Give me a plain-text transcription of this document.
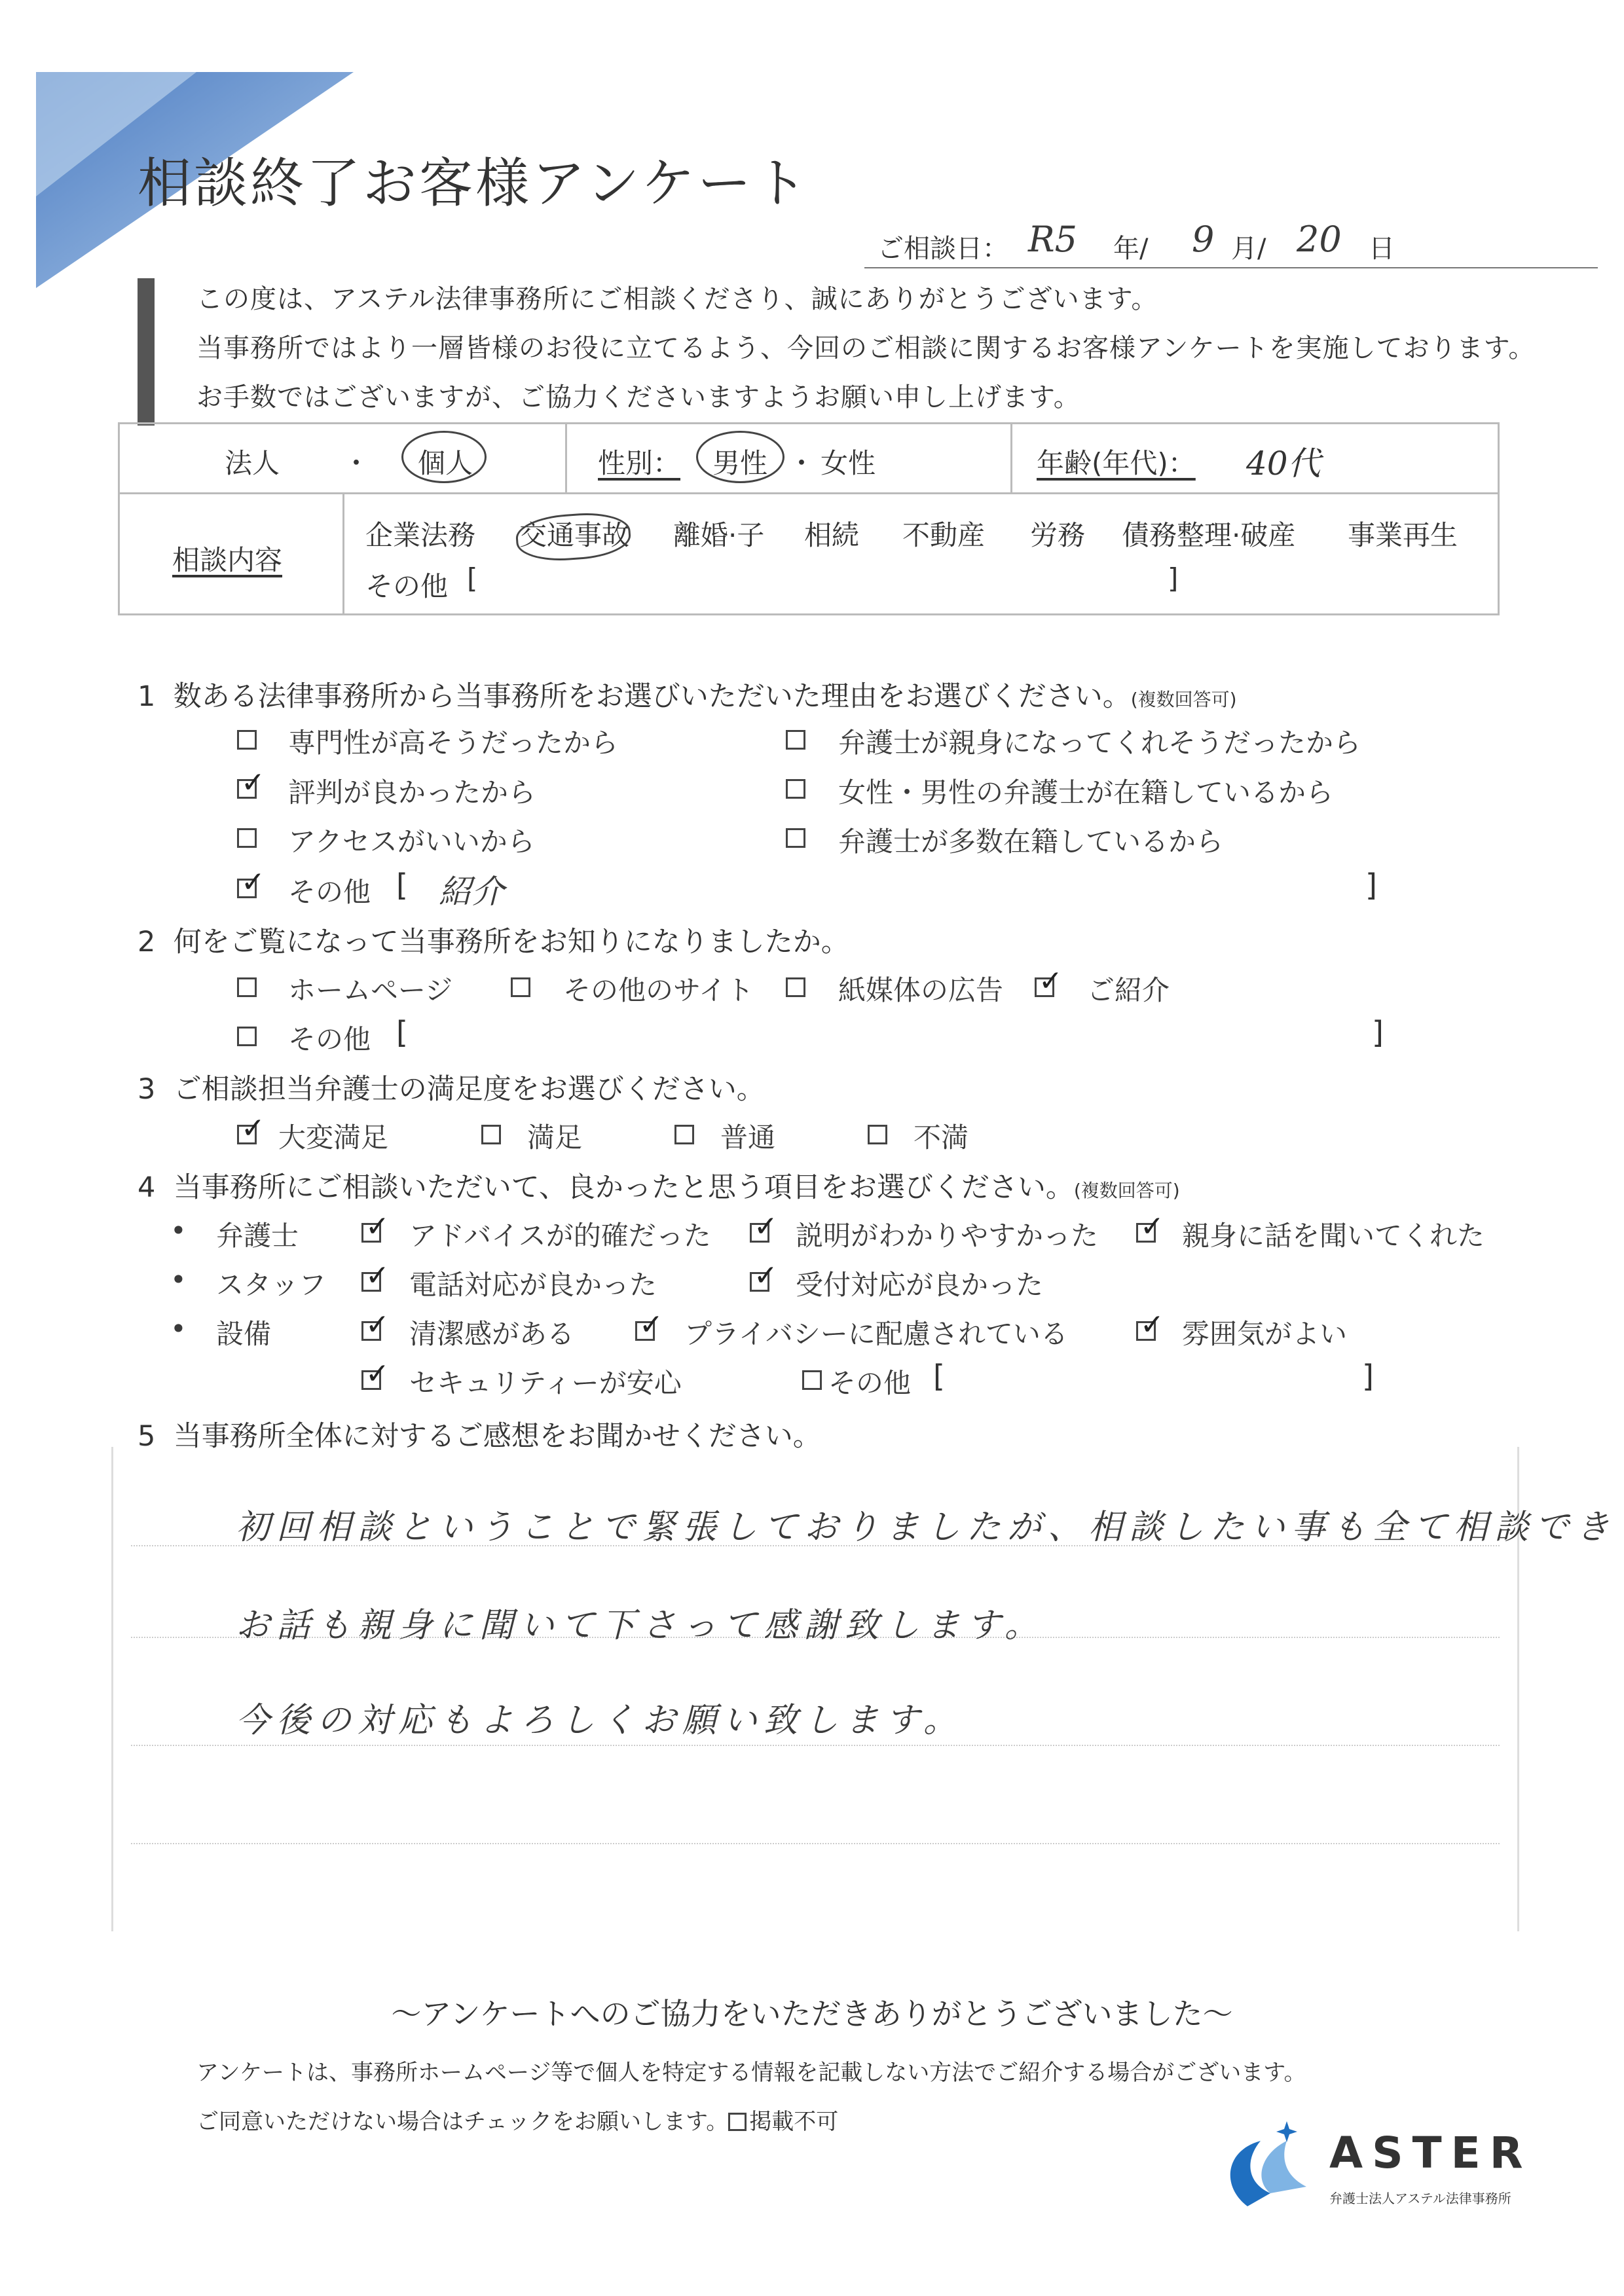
相談終了お客様アンケート
ご相談日： R5 年/ 9 月/ 20 日
この度は、アステル法律事務所にご相談くださり、誠にありがとうございます。
当事務所ではより一層皆様のお役に立てるよう、今回のご相談に関するお客様アンケートを実施しております。
お手数ではございますが、ご協力くださいますようお願い申し上げます。
法人 ・ 個人	性別： 男性 ・ 女性	年齢(年代)： 40代
相談内容
企業法務 交通事故 離婚·子 相続 不動産 労務 債務整理·破産 事業再生
その他 [	]
1 数ある法律事務所から当事務所をお選びいただいた理由をお選びください。(複数回答可)
専門性が高そうだったから	弁護士が親身になってくれそうだったから
✓ 評判が良かったから	女性・男性の弁護士が在籍しているから
アクセスがいいから	弁護士が多数在籍しているから
✓ その他 [ 紹介	]
2 何をご覧になって当事務所をお知りになりましたか。
ホームページ	その他のサイト	紙媒体の広告 ✓ ご紹介
その他 [	]
3 ご相談担当弁護士の満足度をお選びください。
✓ 大変満足	満足	普通	不満
4 当事務所にご相談いただいて、良かったと思う項目をお選びください。(複数回答可)
• 弁護士 ✓ アドバイスが的確だった ✓ 説明がわかりやすかった ✓ 親身に話を聞いてくれた
• スタッフ ✓ 電話対応が良かった	✓ 受付対応が良かった
• 設備	✓ 清潔感がある ✓ プライバシーに配慮されている	✓ 雰囲気がよい
✓ セキュリティーが安心	その他 [	]
5 当事務所全体に対するご感想をお聞かせください。
初回相談ということで緊張しておりましたが、相談したい事も全て相談でき
お話も親身に聞いて下さって感謝致します。
今後の対応もよろしくお願い致します。
〜アンケートへのご協力をいただきありがとうございました〜
アンケートは、事務所ホームページ等で個人を特定する情報を記載しない方法でご紹介する場合がございます。
ご同意いただけない場合はチェックをお願いします。 掲載不可
ASTER
弁護士法人アステル法律事務所
